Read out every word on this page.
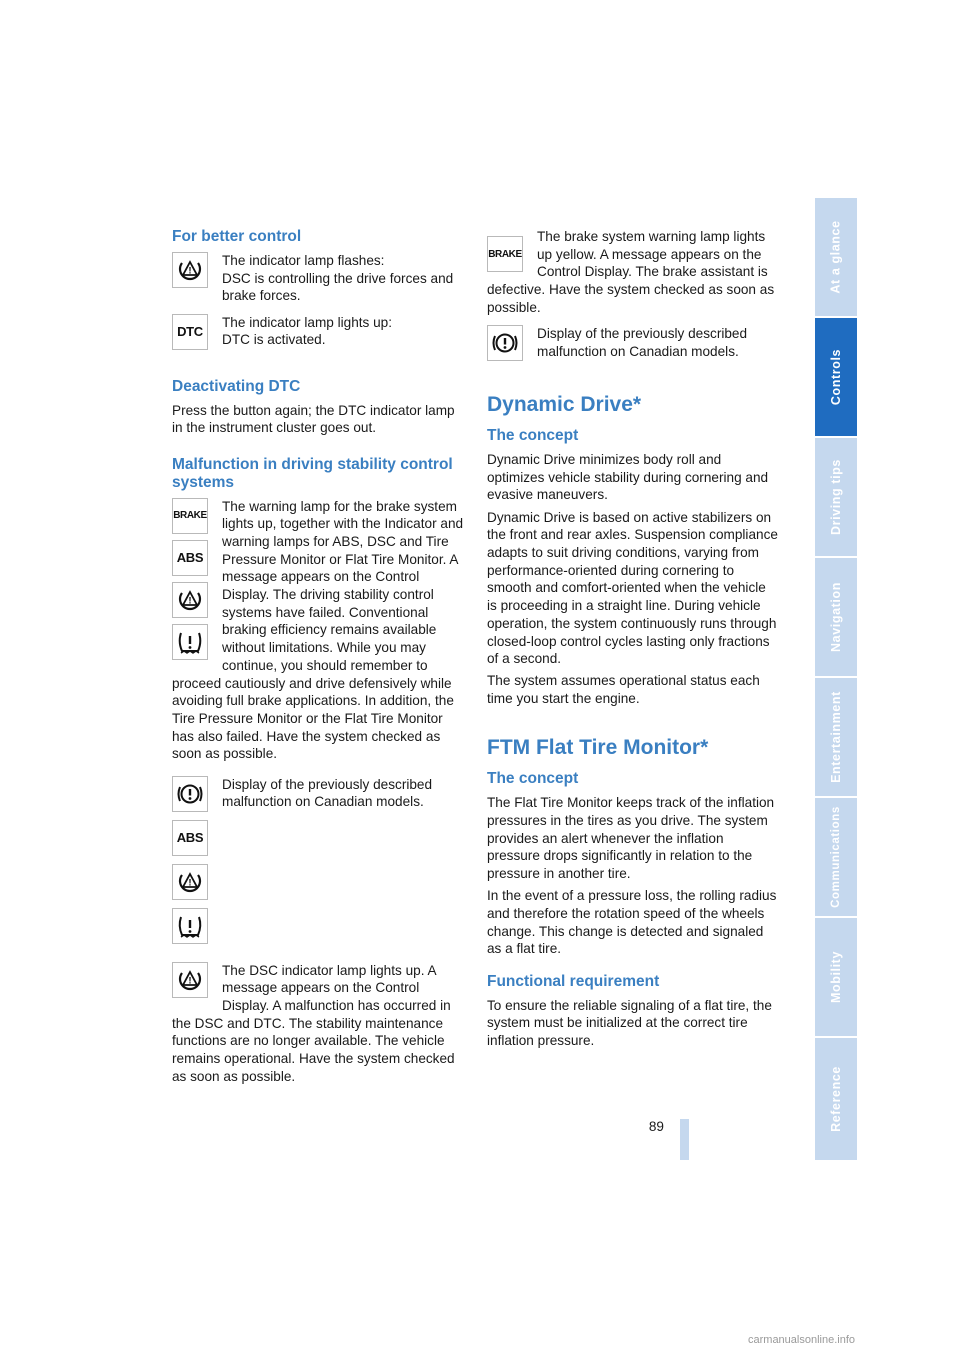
For better control
!
The indicator lamp flashes:
DSC is controlling the drive forces and brake forces.
DTC
The indicator lamp lights up:
DTC is activated.
Deactivating DTC
Press the button again; the DTC indicator lamp in the instrument cluster goes out.
Malfunction in driving stability control systems
BRAKE
ABS
!
The warning lamp for the brake system lights up, together with the Indicator and warning lamps for ABS, DSC and Tire Pressure Monitor or Flat Tire Monitor. A message appears on the Control Display. The driving stability control systems have failed. Conventional braking efficiency remains available without limitations. While you may continue, you should remember to proceed cautiously and drive defensively while avoiding full brake applications. In addition, the Tire Pressure Monitor or the Flat Tire Monitor has also failed. Have the system checked as soon as possible.
Display of the previously described malfunction on Canadian models.
ABS
!
!
The DSC indicator lamp lights up. A message appears on the Control Display. A malfunction has occurred in the DSC and DTC. The stability maintenance functions are no longer available. The vehicle remains operational. Have the system checked as soon as possible.
BRAKE
The brake system warning lamp lights up yellow. A message appears on the Control Display. The brake assistant is defective. Have the system checked as soon as possible.
Display of the previously described malfunction on Canadian models.
Dynamic Drive*
The concept
Dynamic Drive minimizes body roll and optimizes vehicle stability during cornering and evasive maneuvers.
Dynamic Drive is based on active stabilizers on the front and rear axles. Suspension compliance adapts to suit driving conditions, varying from performance-oriented during cornering to smooth and comfort-oriented when the vehicle is proceeding in a straight line. During vehicle operation, the system continuously runs through closed-loop control cycles lasting only fractions of a second.
The system assumes operational status each time you start the engine.
FTM Flat Tire Monitor*
The concept
The Flat Tire Monitor keeps track of the inflation pressures in the tires as you drive. The system provides an alert whenever the inflation pressure drops significantly in relation to the pressure in another tire.
In the event of a pressure loss, the rolling radius and therefore the rotation speed of the wheels change. This change is detected and signaled as a flat tire.
Functional requirement
To ensure the reliable signaling of a flat tire, the system must be initialized at the correct tire inflation pressure.
At a glance
Controls
Driving tips
Navigation
Entertainment
Communications
Mobility
Reference
89
carmanualsonline.info
